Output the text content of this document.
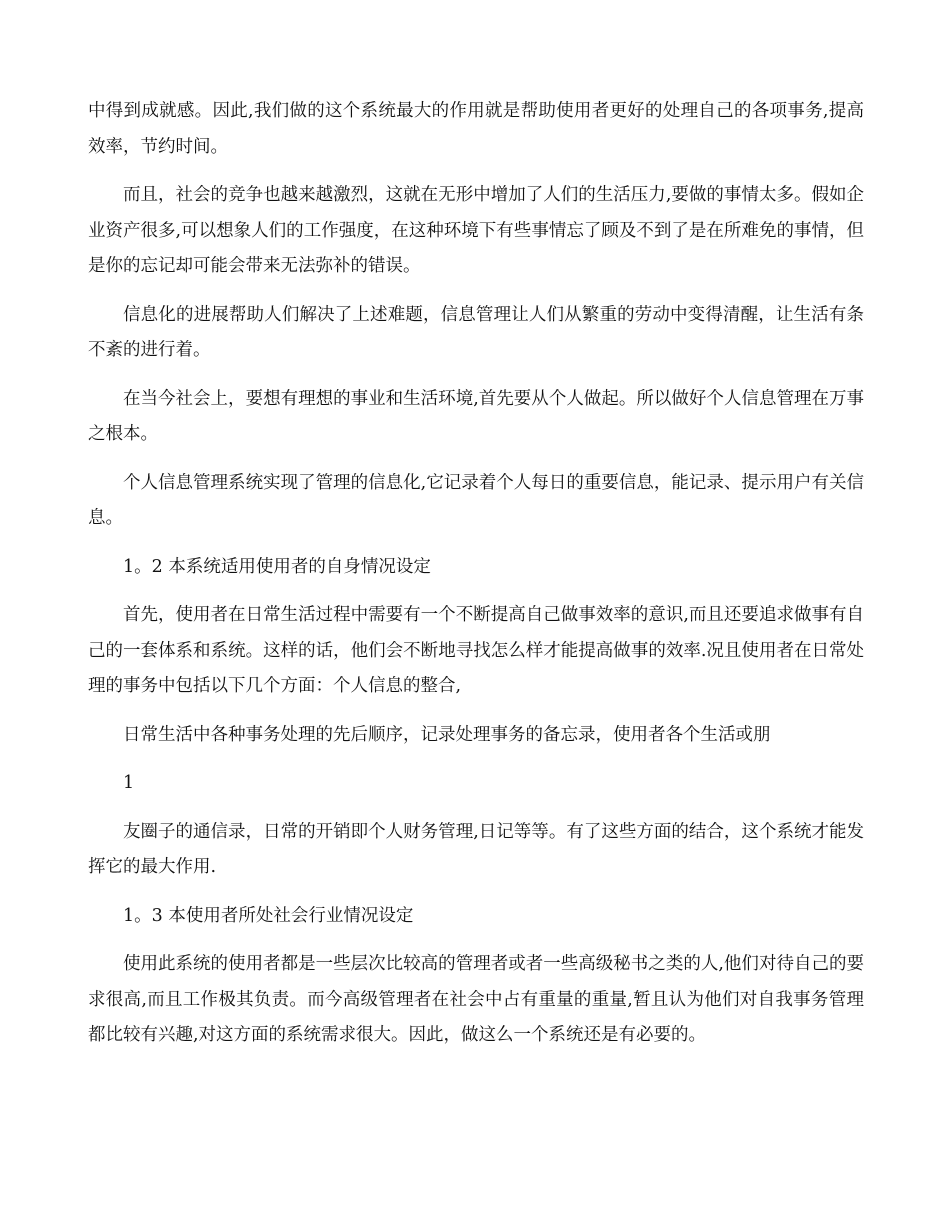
中得到成就感。因此,我们做的这个系统最大的作用就是帮助使用者更好的处理自己的各项事务,提高效率，节约时间。

而且，社会的竞争也越来越激烈，这就在无形中增加了人们的生活压力,要做的事情太多。假如企业资产很多,可以想象人们的工作强度，在这种环境下有些事情忘了顾及不到了是在所难免的事情，但是你的忘记却可能会带来无法弥补的错误。

信息化的进展帮助人们解决了上述难题，信息管理让人们从繁重的劳动中变得清醒，让生活有条不紊的进行着。

在当今社会上，要想有理想的事业和生活环境,首先要从个人做起。所以做好个人信息管理在万事之根本。

个人信息管理系统实现了管理的信息化,它记录着个人每日的重要信息，能记录、提示用户有关信息。

1。2 本系统适用使用者的自身情况设定

首先，使用者在日常生活过程中需要有一个不断提高自己做事效率的意识,而且还要追求做事有自己的一套体系和系统。这样的话，他们会不断地寻找怎么样才能提高做事的效率.况且使用者在日常处理的事务中包括以下几个方面：个人信息的整合,

日常生活中各种事务处理的先后顺序，记录处理事务的备忘录，使用者各个生活或朋

1

友圈子的通信录，日常的开销即个人财务管理,日记等等。有了这些方面的结合，这个系统才能发挥它的最大作用.

1。3 本使用者所处社会行业情况设定

使用此系统的使用者都是一些层次比较高的管理者或者一些高级秘书之类的人,他们对待自己的要求很高,而且工作极其负责。而今高级管理者在社会中占有重量的重量,暂且认为他们对自我事务管理都比较有兴趣,对这方面的系统需求很大。因此，做这么一个系统还是有必要的。
